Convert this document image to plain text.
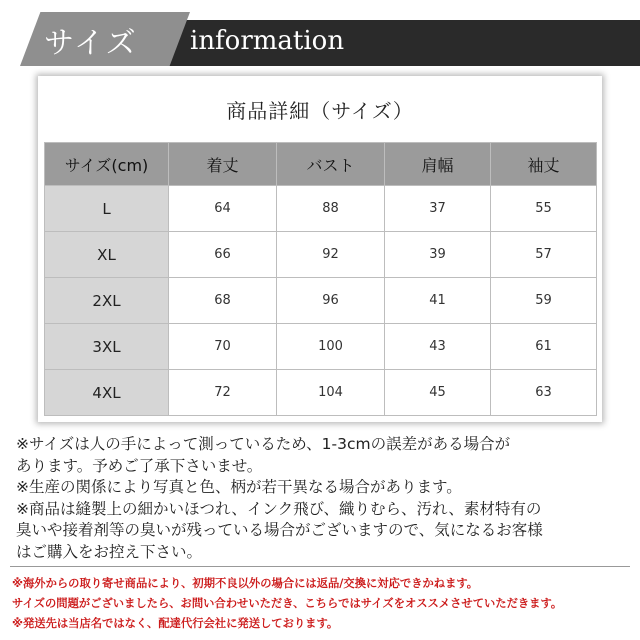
サイズ information
商品詳細（サイズ）
サイズ(cm)	着丈	バスト	肩幅	袖丈
L	64	88	37	55
XL	66	92	39	57
2XL	68	96	41	59
3XL	70	100	43	61
4XL	72	104	45	63

※サイズは人の手によって測っているため、1-3cmの誤差がある場合が

あります。予めご了承下さいませ。

※生産の関係により写真と色、柄が若干異なる場合があります。

※商品は縫製上の細かいほつれ、インク飛び、織りむら、汚れ、素材特有の

臭いや接着剤等の臭いが残っている場合がございますので、気になるお客様

はご購入をお控え下さい。

※海外からの取り寄せ商品により、初期不良以外の場合には返品/交換に対応できかねます。

サイズの問題がございましたら、お問い合わせいただき、こちらではサイズをオススメさせていただきます。

※発送先は当店名ではなく、配達代行会社に発送しております。
